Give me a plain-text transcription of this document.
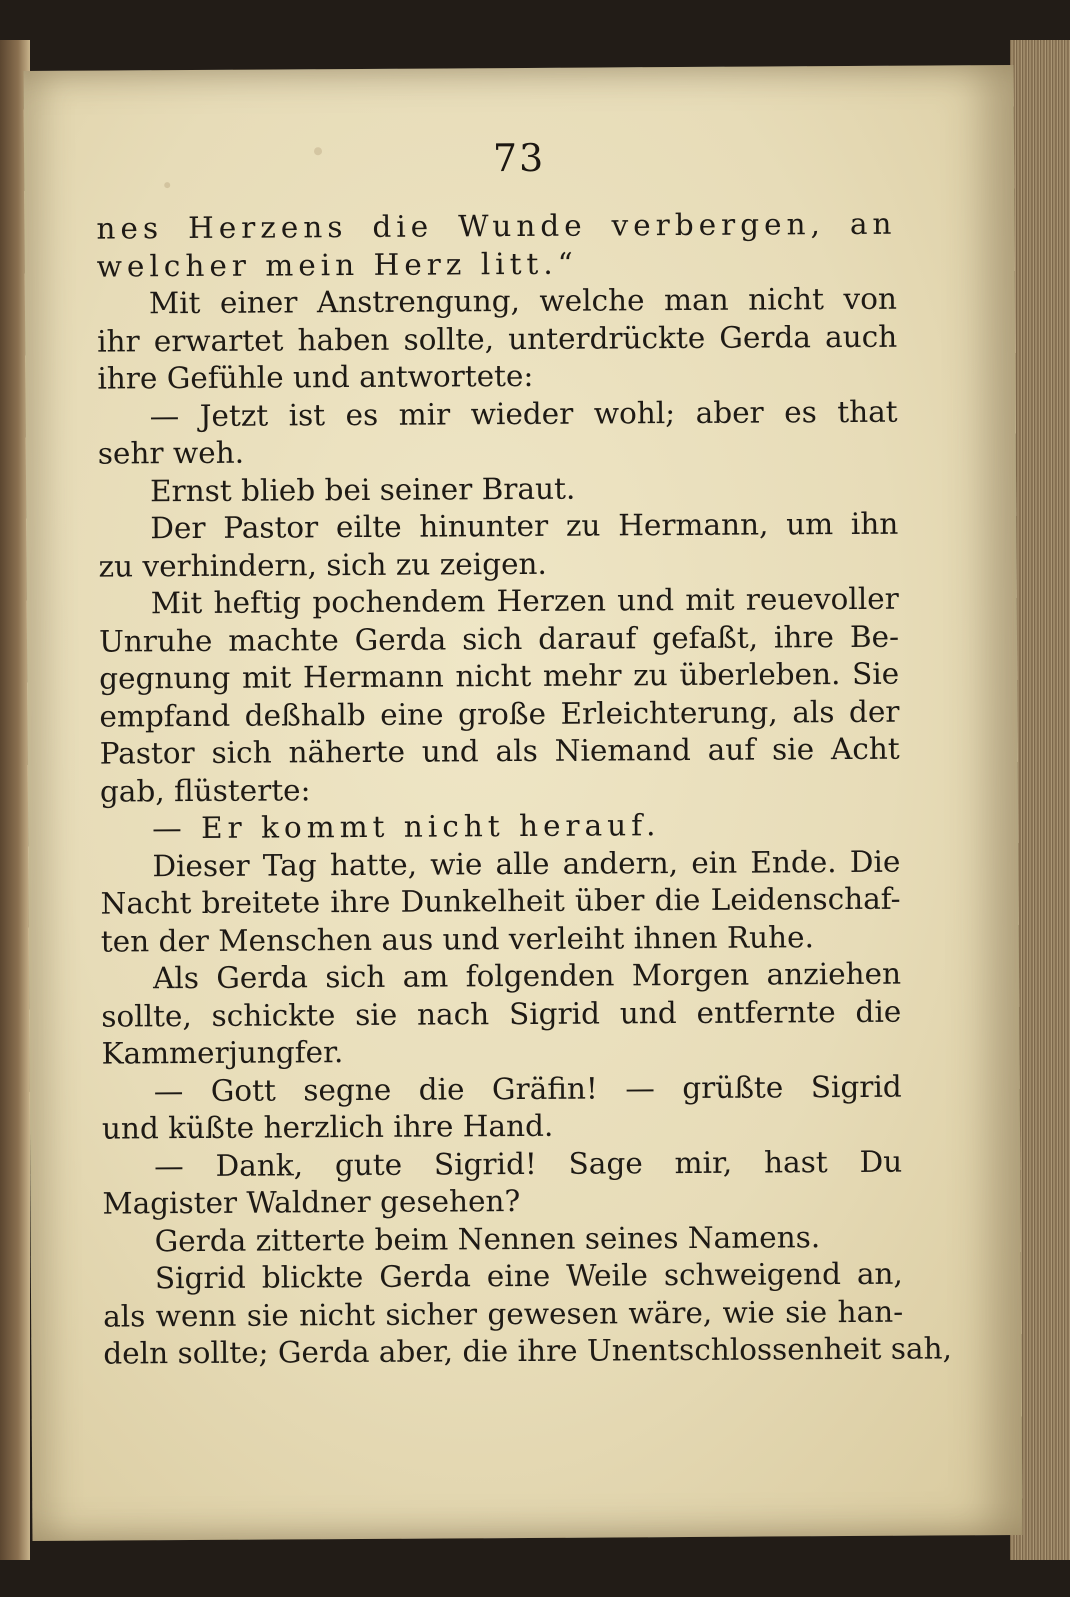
73
nes Herzens die Wunde verbergen, an
welcher mein Herz litt.“
Mit einer Anstrengung, welche man nicht von
ihr erwartet haben sollte, unterdrückte Gerda auch
ihre Gefühle und antwortete:
— Jetzt ist es mir wieder wohl; aber es that
sehr weh.
Ernst blieb bei seiner Braut.
Der Pastor eilte hinunter zu Hermann, um ihn
zu verhindern, sich zu zeigen.
Mit heftig pochendem Herzen und mit reuevoller
Unruhe machte Gerda sich darauf gefaßt, ihre Be-
gegnung mit Hermann nicht mehr zu überleben. Sie
empfand deßhalb eine große Erleichterung, als der
Pastor sich näherte und als Niemand auf sie Acht
gab, flüsterte:
— Er kommt nicht herauf.
Dieser Tag hatte, wie alle andern, ein Ende. Die
Nacht breitete ihre Dunkelheit über die Leidenschaf-
ten der Menschen aus und verleiht ihnen Ruhe.
Als Gerda sich am folgenden Morgen anziehen
sollte, schickte sie nach Sigrid und entfernte die
Kammerjungfer.
— Gott segne die Gräfin! — grüßte Sigrid
und küßte herzlich ihre Hand.
— Dank, gute Sigrid! Sage mir, hast Du
Magister Waldner gesehen?
Gerda zitterte beim Nennen seines Namens.
Sigrid blickte Gerda eine Weile schweigend an,
als wenn sie nicht sicher gewesen wäre, wie sie han-
deln sollte; Gerda aber, die ihre Unentschlossenheit sah,
